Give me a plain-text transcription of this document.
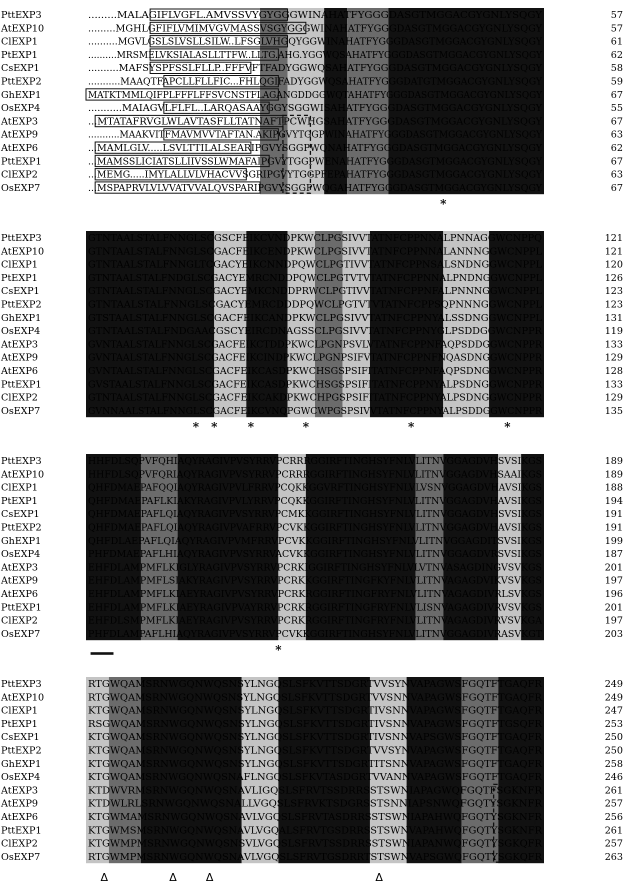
PttEXP3	.........MALAGIFLVGFL.AMVSSVYGYGGGWINAHATFYGGGDASGTMGGACGYGNLYSQGY	57
AtEXP10	.........MGHLGFIFLVMIMVGVMASSVSGYGGGWINAHATFYGGGDASGTMGGACGYGNLYSQGY	57
ClEXP1	..........MGVLGSLSLVSLLSILW..LFSGLVHGQYGGWINAHATFYGGGDASGTMGGACGYGNLYSQGY	61
PtEXP1	..........MRSMELVKSIALASLLTTFW..LLTG.AHG.YGGWQSAHATFYGGGDASGTMGGACGYGNLYSQGY	62
CsEXP1	..........MAFSYSPFSSLFLLP..FFFVFTFADYGGWQSAHATFYGGGDASGTMGGACGYGNLYSQGY	58
PttEXP2	...........MAAQTFAPCLLFLLFIC...FHLQGIFADYGGWQSAHATFYGGGDATGTMGGACGYGNLYSQGY	59
GhEXP1	MATKTMMLQIFPLFFFLFFSVCNSTFLAGANGDDGGWQTAHATFYGGGDASGTMGGACGYGNLYSQGY	67
OsEXP4	...........MAIAGVLFLFL..LARQASAAYGGYSGGWISAHATFYGGGDASGTMGGACGYGNLYSQGY	55
AtEXP3	...MTATAFRVGLWLAVTASFLLTATNAFTPCWHGSAHATFYGGGDASGTMGGACGYGNLYSQGY	67
AtEXP9	...........MAAKVITFMAVMVVTAFTAN.AKIPGVYTGGPWINAHATFYGGGDASGTMGGACGYGNLYSQGY	63
AtEXP6	...MAMLGLV.....LSVLTTILALSEARIPGVYSGGPWQNAHATFYGGGDASGTMGGACGYGNLYSQGY	62
PttEXP1	...MAMSSLICIATSLLIIVSSLWMAFAIPGVYTGGPWENAHATFYGGGDASGTMGGACGYGNLYSQGY	67
ClEXP2	...MEMG.....IMYLALLVLVHACVVSGRIPGVYTGGPFEPAHATFYGGGDASGTMGGACGYGNLYSQGY	63
OsEXP7	...MSPAPRVLVLVVATVVALQVSPARIPGVYSGGPWQGAHATFYGGGDASGTMGGACGYGNLYSQGY	67
*
PttEXP3	GTNTAALSTALFNNGLSCGSCFEIKCVNDPKWCLPGSIVVTATNFCPPNNALPNNAGGWCNPPQ	121
AtEXP10	GTNTAALSTALFNNGLSCGACFEIKCENDPKWCLPGSIVVTATNFCPPNNALANNNGGWCNPPL	121
ClEXP1	GTNTAALSTALFNNGLTCGACYEIKCNNDPQWCLPGTIVVTATNFCPPNSALSNDNGGWCNPPL	120
PtEXP1	GTNTAALSTALFNDGLSCGACYEMRCNDDPQWCLPGTVTVTATNFCPPNNALPNDNGGWCNPPL	126
CsEXP1	GTNTAALSTALFNNGLSCGACYEMKCNDDPRWCLPGTIVVTATNFCPPNFALPNNNGGWCNPPL	123
PttEXP2	GTNTAALSTALFNNGLSCGACYEMRCDDDPQWCLPGTVTVTATNFCPPSQPNNNGGWCNPPL	123
GhEXP1	GTSTAALSTALFNNGLSCGACFEIKCANDPKWCLPGSIVVTATNFCPPNYALSSDNGGWCNPPL	131
OsEXP4	GTNTAALSTALFNDGAACGSCYEIRCDNAGSSCLPGSIVVTATNFCPPNYGLPSDDGGWCNPPR	119
AtEXP3	GVNTAALSTALFNNGLSCGACFEIKCTDDPKWCLPGNPSVLVTATNFCPPNFAQPSDDGGWCNPPR	133
AtEXP9	GVNTAALSTALFNNGLSCGACFEIKCINDPKWCLPGNPSIFVTATNFCPPNFNQASDNGGWCNPPR	129
AtEXP6	GVNTAALSTALFNNGLSCGACFEIKCASDPKWCHSGSPSIFITATNFCPPNFAQPSDNGGWCNPPR	128
PttEXP1	GVSTAALSTALFNNGLSCGACFEIKCASDPKWCHSGSPSIFITATNFCPPNYALPSDNGGWCNPPR	133
ClEXP2	GTNTAALSTALFNNGLSCGACFEIKCAKDPKWCHPGSPSIFITATNFCPPNYALPSDNGGWCNPPR	129
OsEXP7	GVNNAALSTALFNNGLSCGACFEIKCVNQPGWCWPGSPSIVVTATNFCPPNYALPSDDGGWCNPPR	135
* *	*	*	*	*
PttEXP3	HHFDLSQPVFQHIAQYRAGIVPVSYRRVPCRRRGGIRFTINGHSYFNLVLITNVGGAGDVHSVSIKGS	189
AtEXP10	HHFDLSQPVFQRIAQYRAGIVPVSYRRVPCRRRGGIRFTINGHSYFNLVLITNVGGAGDVHSAAIKGS	189
ClEXP1	QHFDMAEPAFQQIAQYRAGIVPVLFRRVPCQKKGGVRFTINGHSYFNLVLVSNVGGAGDVHAVSIKGS	188
PtEXP1	QHFDMAEPAFLKIAKYRAGIVPVLYRRVPCQKKGGIRFTINGHSYFNLVLITNVGGAGDVHAVSIKGS	194
CsEXP1	QHFDMAEPAFLQIAQYRAGIVPVSYRRVPCMKKGGIRFTINGHSYFNLVLITNVGGAGDVHSVSIKGS	191
PttEXP2	QHFDMAEPAFLQIAQYRAGIVPVAFRRVPCVKKGGIRFTINGHSYFNLVLITNVGGAGDVHAVSIKGS	191
GhEXP1	QHFDLAEPAFLQIAQYRAGIVPVMFRRVPCVKKGGIRFTINGHSYFNLVLITNVGGAGDITSVSIKGS	199
OsEXP4	PHFDMAEPAFLHIAQYRAGIVPVSYRRVACVKKGGIRFTINGHSYFNLVLITNVGGAGDVRSVSIKGS	187
AtEXP3	EHFDLAMPMFLKIGLYRAGIVPVSYRRVPCRKIGGIRFTINGHSYFNLVLVTNVASAGDINGVSVKGS	201
AtEXP9	EHFDLAMPMFLSIAKYRAGIVPVSYRRVPCRKKGGIRFTINGFKYFNLVLITNVAGAGDVIKVSVKGS	197
AtEXP6	EHFDLAMPMFLKIAEYRAGIVPVSYRRVPCRKRGGIRFTINGFRYFNLVLITNVAGAGDIVRLSVKGS	196
PttEXP1	EHFDLAMPMFLKIAEYRAGIVPVAYRRVPCRKRGGIRFTINGFRYFNLVLISNVAGAGDIVRVSVKGS	201
ClEXP2	EHFDLSMPMFLKIAEYRAGIVPVSYRRVPCRKRGGIRFTINGFRYFNLVLITNVAGAGDIVRVSVKGA	197
OsEXP7	PHFDLAMPAFLHIAQYRAGIVPVSYRRVPCVKKGGIRFTINGHSYFNLVLITNVGGAGDIVRASVKGT	203
*
PttEXP3	RTGWQAMSRNWGQNWQSNSYLNGQSLSFKVTTSDGRTVVSYNVAPAGWSFGQTFTGAQFR	249
AtEXP10	RTGWQAMSRNWGQNWQSNSYLNGQSLSFKVTTSDGRTVVSNNVAPAGWSFGQTFTGAQFR	249
ClEXP1	KTGWQAMSRNWGQNWQSNSYLNGQSLSFKVTTSDGRTIVSNNVAPAGWSFGQTFTGAQFR	247
PtEXP1	RSGWQAMSRNWGQNWQSNSYLNGQSLSFKVTTSDGRTIVSNNVAPAGWSFGQTFTGSQFR	253
CsEXP1	KTGWQAMSRNWGQNWQSNSYLNGQSLSFKVTTSDGRTIVSNNVAPSGWSFGQTFTGAQFR	250
PttEXP2	KTGWQAMSRNWGQNWQSNSYLNGQSLSFKVTTSDGRTVVSYNVAPAGWSFGQTFTGAQFR	250
GhEXP1	KTGWQAMSRNWGQNWQSNSYLNGQSLSFKVTTSDGRTITSNNVAPAGWSFGQTFTGAQFR	258
OsEXP4	KTGWQAMSRNWGQNWQSNAFLNGQSLSFKVTASDGRTVVANNVAPAGWSFGQTFTGAQFR	246
AtEXP3	KTDWVRMSRNWGQNWQSNAVLIGQSLSFRVTSSDRRSSTSWNIAPAGWQFGQTFSGKNFR	261
AtEXP9	KTDWLRLSRNWGQNWQSNALLVGQSLSFRVKTSDGRSSTSNNIAPSNWQFGQTYSGKNFR	257
AtEXP6	KTGWMAMSRNWGQNWQSNAVLVGQSLSFRVTASDRRSSTSWNIAPAHWQFGQTYSGKNFR	256
PttEXP1	KTGWMSMSRNWGQNWQSNAVLVGQALSFRVTGSDRRSSTSWNVAPAHWQFGQTYSGKNFR	261
ClEXP2	KTGWMPMSRNWGQNWQSNSVLVGQSLSFRVTSSDRRSSTSWNIAPANWQFGQTYSGKQFR	257
OsEXP7	RTGWMPMSRNWGQNWQSNAVLVGQSLSFRVTGSDRRTSTSWNVAPSGWQFGQTYSGKQFR	263
Δ	Δ	Δ	Δ
